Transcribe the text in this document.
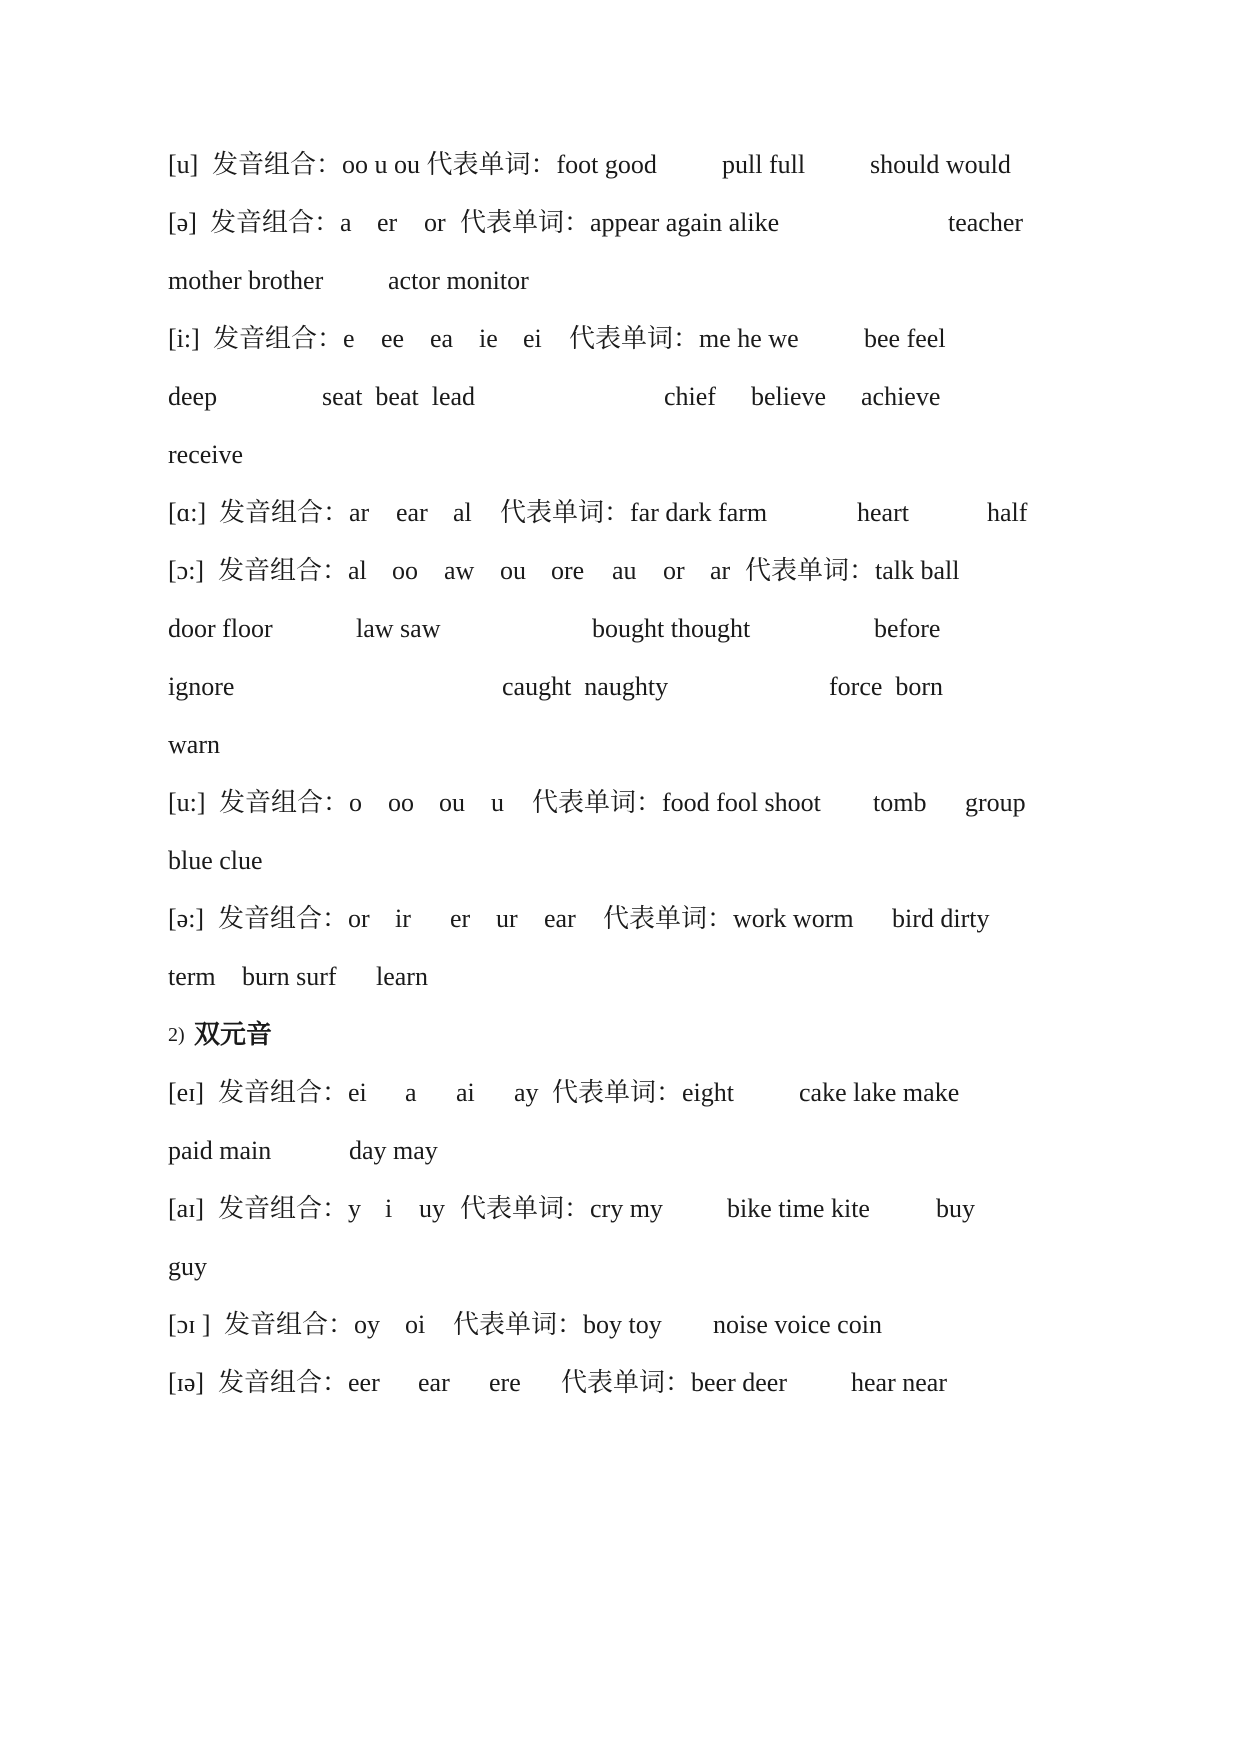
[u] 发音组合：oo u ou 代表单词：foot good	pull full should would
[ə] 发音组合：a er or 代表单词：appear again alike	teacher
mother brother actor monitor
[i:] 发音组合：e ee ea ie ei 代表单词：me he we	bee feel
deep	seat  beat  lead	chief believe achieve
receive
[ɑ:] 发音组合：ar ear al 代表单词：far dark farm	heart	half
[ɔ:] 发音组合：al oo aw ou ore au or ar 代表单词：talk ball
door floor	law saw	bought thought	before
ignore	caught  naughty	force  born
warn
[u:] 发音组合：o oo ou u 代表单词：food fool shoot tomb group
blue clue
[ə:] 发音组合：or ir er ur ear 代表单词：work worm bird dirty
term burn surf learn
2) 双元音
[eɪ] 发音组合：ei a ai ay 代表单词：eight	cake lake make
paid main	day may
[aɪ] 发音组合：y i uy 代表单词：cry my bike time kite	buy
guy
[ɔɪ ] 发音组合：oy oi 代表单词：boy toy noise voice coin
[ɪə] 发音组合：eer ear ere 代表单词：beer deer hear near
